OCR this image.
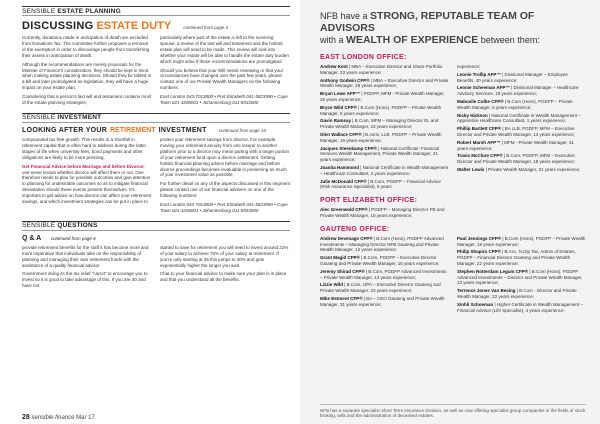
SENSIBLE ESTATE PLANNING
DISCUSSING ESTATE DUTY	continued from page 4

Currently, donations made in anticipation of death are excluded from Donations Tax. The committee further proposes a removal of the exemption in order to discourage people from transferring their assets in anticipation of death.

Although the recommendations are merely proposals for the Minister of Finance's consideration, they should be kept in mind when making estate planning decisions. Should they be tabled in a bill and later promulgated as legislation, they will have a huge impact on your estate plan.

Considering that a person's last will and testament contains most of the estate planning strategies,

particularly where part of the estate is left to the surviving spouse, a review of the last will and testament and the holistic estate plan will need to be made. This review will look into whether your estate will be able to handle the estate duty burden which might arise if these recommendations are promulgated.

Should you believe that your Will needs reviewing or that your circumstances have changed over the past few years, please contact one of our Private Wealth Managers on the following numbers:

East London 043-7013800 • Port Elizabeth 041-5823990 • Cape Town 021-3206001 • Johannesburg 011-8933000

SENSIBLE INVESTMENT
LOOKING AFTER YOUR RETIREMENT INVESTMENT	continued from page 10

compounded tax free growth. This results in a shortfall in retirement capital that is often hard to address during the latter stages of life when university fees, bond payments and other obligations are likely to be more pressing.

Get Financial Advice before Marriage and before Divorce: one never knows whether divorce will affect them or not. One therefore needs to plan for possible outcomes and give attention to planning for undesirable outcomes so as to mitigate financial devastation should these events present themselves. It's important to get advice on how divorce can affect your retirement savings, and which investment strategies can be put in place to

protect your retirement savings from divorce. For example, moving your retirement annuity from one insurer to another platform prior to a divorce may mean parting with a larger portion of your retirement fund upon a divorce settlement. Getting holistic financial planning advice before marriage and before divorce proceedings becomes invaluable in preserving as much of your investment value as possible.

For further detail on any of the aspects discussed in this segment please contact one of our financial advisers on one of the following numbers:

East London 043-7013800 • Port Elizabeth 041-5823990 • Cape Town 021-3206001 • Johannesburg 011-8933000

SENSIBLE QUESTIONS
Q & A continued from page 6

provide retirement benefits for the staff it has become more and more imperative that individuals take on the responsibility of planning and managing their own retirement funds with the assistance of a quality financial advisor.

Government doing its the tax relief "carrot" to encourage you to invest so it is good to take advantage of this. If you are 30 and have not

started to save for retirement you will need to invest around 22% of your salary to achieve 75% of your salary at retirement. If you're only starting at 35 this jumps to 30% and gets exponentially higher the longer you wait.

Chat to your financial advisor to make sure your plan is in place and that you understand all the benefits.

28 sensible finance Mar 17
NFB have a STRONG, REPUTABLE TEAM OF ADVISORS
with a WEALTH OF EXPERIENCE between them:
EAST LONDON OFFICE:

Andrew Kent | MBA – Executive Director and Share Portfolio Manager, 23 years experience;

Anthony Godwin CFP® | MBA – Executive Director and Private Wealth Manager, 28 years experience;

Bryan Lowe AFP™ | PGDFP, MFM - Private Wealth Manager, 25 years experience;

Bryce Wild CFP® | B.Com (Hons), PGDFP – Private Wealth Manager, 5 years experience;

Gavin Ramsay | B.Com, MFM – Managing Director EL and Private Wealth Manager, 23 years experience;

Glen Wallace CFP® | B.Juris, LLB, PGDFP – Private Wealth Manager, 19 years experience;

Jacques Steenkamp CFP® | National Certificate: Financial Services Wealth Management, Private Wealth Manager, 21 years experience;

Joanita Hammond | National Certificate in Wealth Management – Healthcare Consultant, 2 years experience;

Julie McDonald CFP® | B.Com, PGDFP – Financial Advisor (Risk Assurance Specialist), 5 years

experience;

Leonie Trollip AFP™ | Divisional Manager – Employee Benefits, 40 years experience;

Leonie Scheeman AFP™ | Divisional Manager – Healthcare Advisory Services, 19 years experience;

Mabusile Colbe CFP® | B.Com (Hons), PGDFP – Private Wealth Manager, 5 years experience;

Nicky Hickson | National Certificate in Wealth Management – Apprentice Healthcare Consultant, 1 years experience;

Phillip Bartlett CFP® | BA LLB, PGDFP, MFM – Executive Director and Private Wealth Manager, 14 years experience;

Robert Marsh AFP™ | MFM - Private Wealth Manager, 31 years experience;

Travis McClure CFP® | B.Com, PGDFP, MFM – Executive Director and Private Wealth Manager, 18 years experience;

Walter Lewis | Private Wealth Manager, 31 years experience;

PORT ELIZABETH OFFICE:

Alec Greenwold CFP® | PGDFP – Managing Director PE and Private Wealth Manager, 10 years experience;

GAUTENG OFFICE:

Andrew Devenage CFP® | B.Com (Hons), PGDFP Advanced Investments – Managing Director NFB Gauteng and Private Wealth Manager, 12 years experience;

Grant Magid CFP® | B.Com, PGDFP – Executive Director Gauteng and Private Wealth Manager, 15 years experience;

Jeremy Shirad CFP® | B.Com, PGDFP Advanced Investments – Private Wealth Manager, 13 years experience;

Lizzie Wild | B.Com, IJPA – Executive Director Gauteng and Private Wealth Manager, 23 years experience;

Mike Estment CFP® | BA – CEO Gauteng and Private Wealth Manager, 31 years experience;

Paul Jennings CFP® | B.Com (Hons), PGDFP – Private Wealth Manager, 19 years experience;

Philip Shapiro CFP® | B.Acc, N.Dip Tax, Admin of Estates, PGDFP – Financial Director Gauteng and Private Wealth Manager, 22 years experience;

Stephen Rotterdam Legum CFP® | B.Com (Hons), PGDFP Advanced Investments – Director and Private Wealth Manager, 13 years experience;

Terrence Jones Van Besing | B.Com - Director and Private Wealth Manager, 22 years experience;

Xinhli Schoeman | Higher Certificate in Wealth Management – Financial Advisor (Life Specialist), 4 years experience;

NFB has a separate specialist Short Term Insurance Division, as well as now offering specialist group companies in the fields of stock broking, wills and the administration of deceased estates.
